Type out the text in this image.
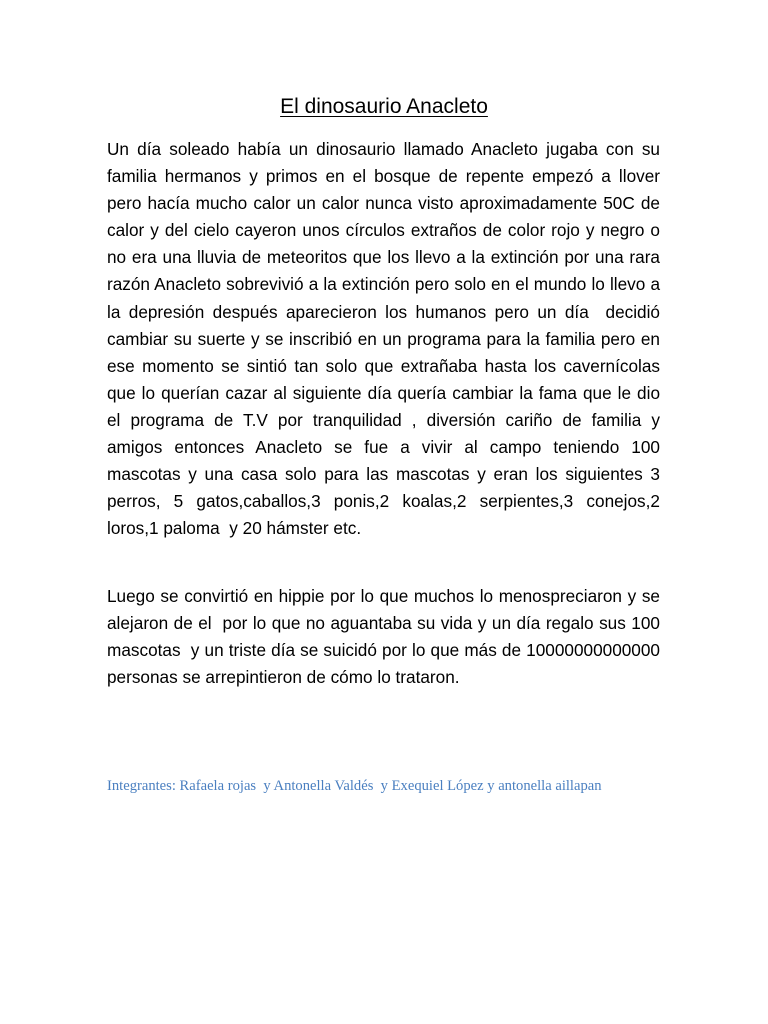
El dinosaurio Anacleto
Un día soleado había un dinosaurio llamado Anacleto jugaba con su familia hermanos y primos en el bosque de repente empezó a llover pero hacía mucho calor un calor nunca visto aproximadamente 50C de calor y del cielo cayeron unos círculos extraños de color rojo y negro o no era una lluvia de meteoritos que los llevo a la extinción por una rara razón Anacleto sobrevivió a la extinción pero solo en el mundo lo llevo a la depresión después aparecieron los humanos pero un día  decidió cambiar su suerte y se inscribió en un programa para la familia pero en ese momento se sintió tan solo que extrañaba hasta los cavernícolas que lo querían cazar al siguiente día quería cambiar la fama que le dio el programa de T.V por tranquilidad , diversión cariño de familia y amigos entonces Anacleto se fue a vivir al campo teniendo 100 mascotas y una casa solo para las mascotas y eran los siguientes 3 perros, 5 gatos,caballos,3 ponis,2 koalas,2 serpientes,3 conejos,2 loros,1 paloma  y 20 hámster etc.
Luego se convirtió en hippie por lo que muchos lo menospreciaron y se alejaron de el  por lo que no aguantaba su vida y un día regalo sus 100 mascotas  y un triste día se suicidó por lo que más de 10000000000000 personas se arrepintieron de cómo lo trataron.
Integrantes: Rafaela rojas  y Antonella Valdés  y Exequiel López y antonella aillapan
